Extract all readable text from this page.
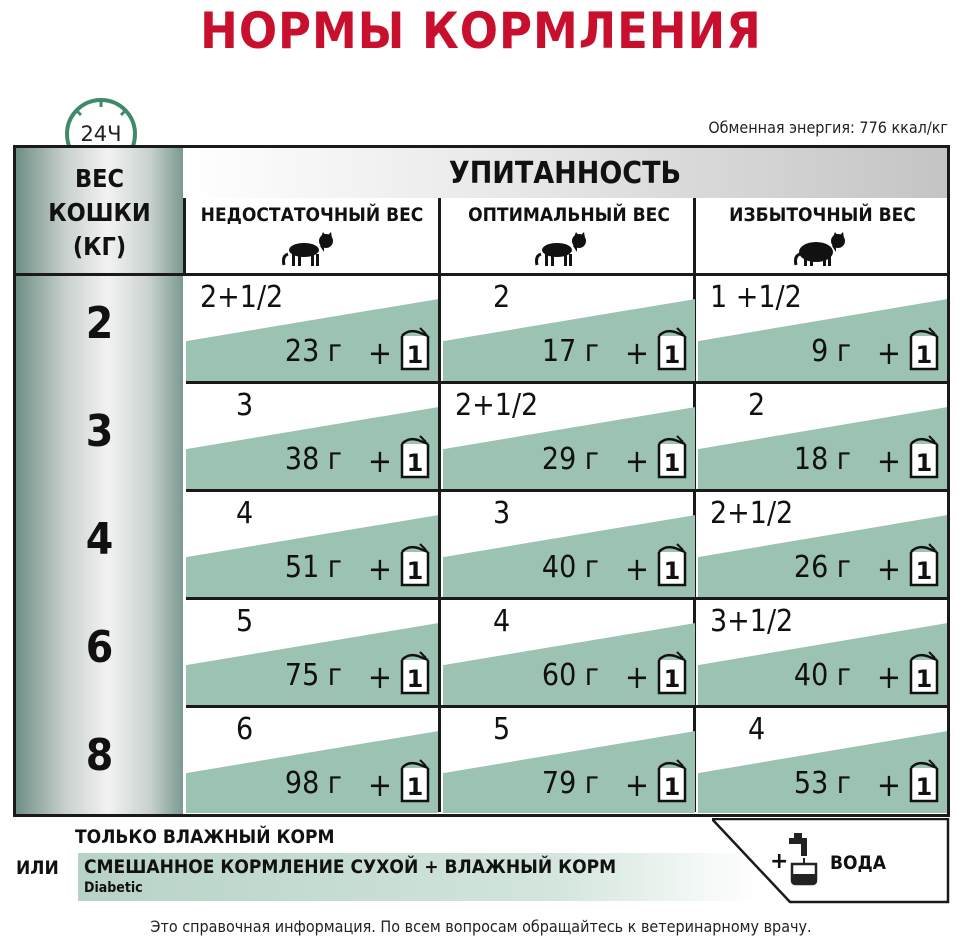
НОРМЫ КОРМЛЕНИЯ
Обменная энергия: 776 ккал/кг
24Ч
ВЕС
КОШКИ
(КГ)
УПИТАННОСТЬ
НЕДОСТАТОЧНЫЙ ВЕС	ОПТИМАЛЬНЫЙ ВЕС	ИЗБЫТОЧНЫЙ ВЕС
2
2+1/2
23 г + 1
2
17 г + 1
1 +1/2
9 г + 1
3
3
38 г + 1
2+1/2
29 г + 1
2
18 г + 1
4
4
51 г + 1
3
40 г + 1
2+1/2
26 г + 1
6
5
75 г + 1
4
60 г + 1
3+1/2
40 г + 1
8
6
98 г + 1
5
79 г + 1
4
53 г + 1
ТОЛЬКО ВЛАЖНЫЙ КОРМ
ИЛИ СМЕШАННОЕ КОРМЛЕНИЕ СУХОЙ + ВЛАЖНЫЙ КОРМ
Diabetic
+ ВОДА
Это справочная информация. По всем вопросам обращайтесь к ветеринарному врачу.
